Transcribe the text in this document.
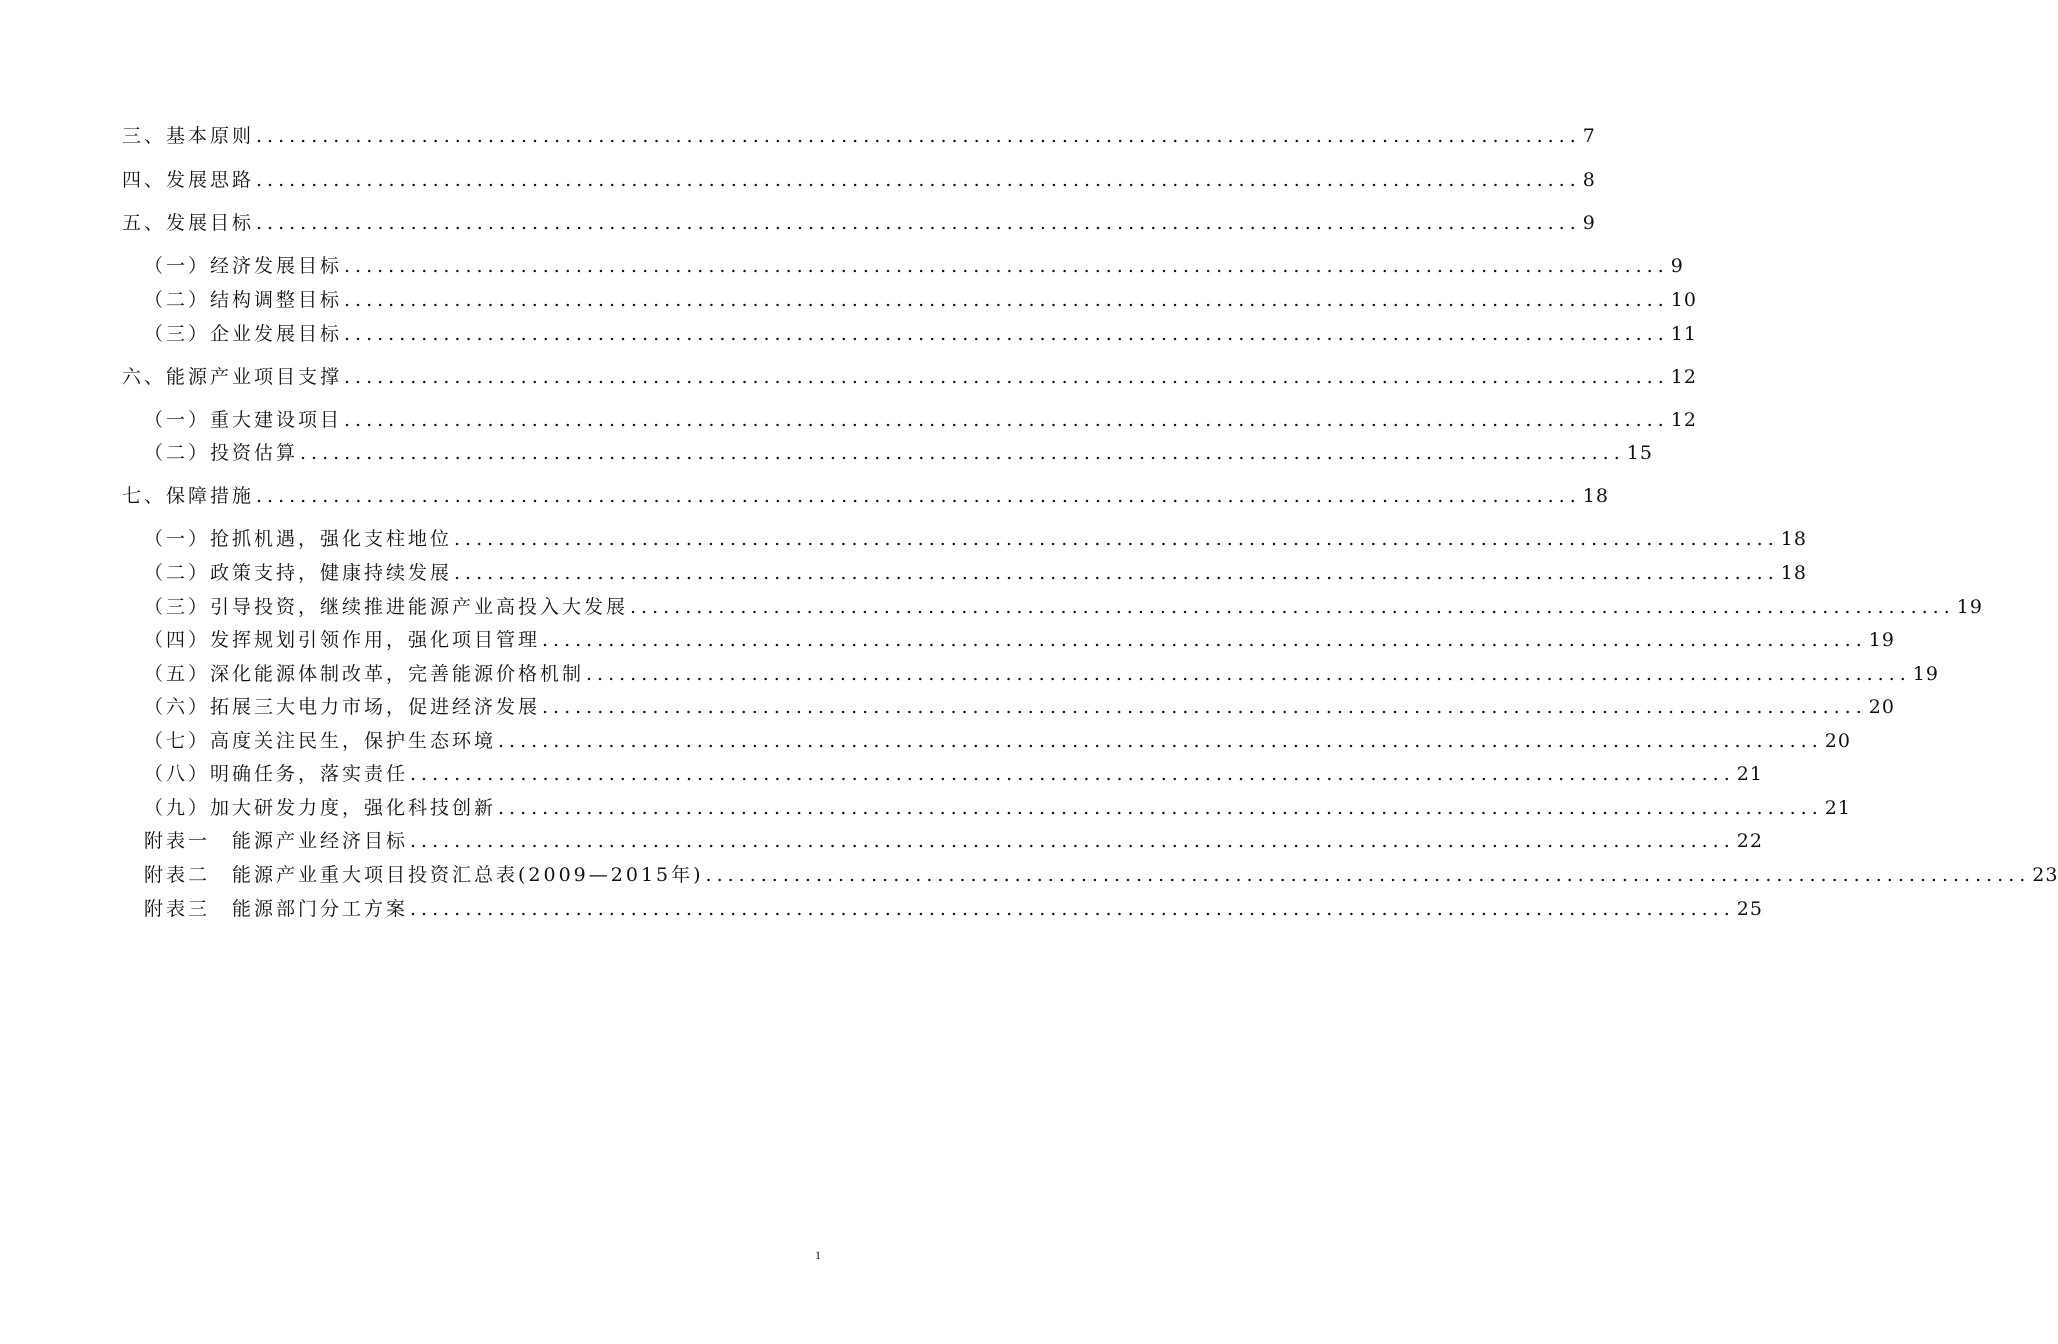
三、基本原则 ........................................................................................................................ 7
四、发展思路 ........................................................................................................................ 8
五、发展目标 ........................................................................................................................ 9
（一）经济发展目标 ........................................................................................................................ 9
（二）结构调整目标 ........................................................................................................................ 10
（三）企业发展目标 ........................................................................................................................ 11
六、能源产业项目支撑 ........................................................................................................................ 12
（一）重大建设项目 ........................................................................................................................ 12
（二）投资估算 ........................................................................................................................ 15
七、保障措施 ........................................................................................................................ 18
（一）抢抓机遇，强化支柱地位 ........................................................................................................................ 18
（二）政策支持，健康持续发展 ........................................................................................................................ 18
（三）引导投资，继续推进能源产业高投入大发展 ........................................................................................................................ 19
（四）发挥规划引领作用，强化项目管理 ........................................................................................................................ 19
（五）深化能源体制改革，完善能源价格机制 ........................................................................................................................ 19
（六）拓展三大电力市场，促进经济发展 ........................................................................................................................ 20
（七）高度关注民生，保护生态环境 ........................................................................................................................ 20
（八）明确任务，落实责任 ........................................................................................................................ 21
（九）加大研发力度，强化科技创新 ........................................................................................................................ 21
附表一　能源产业经济目标 ........................................................................................................................ 22
附表二　能源产业重大项目投资汇总表(2009—2015年) ........................................................................................................................ 23
附表三　能源部门分工方案 ........................................................................................................................ 25
1
